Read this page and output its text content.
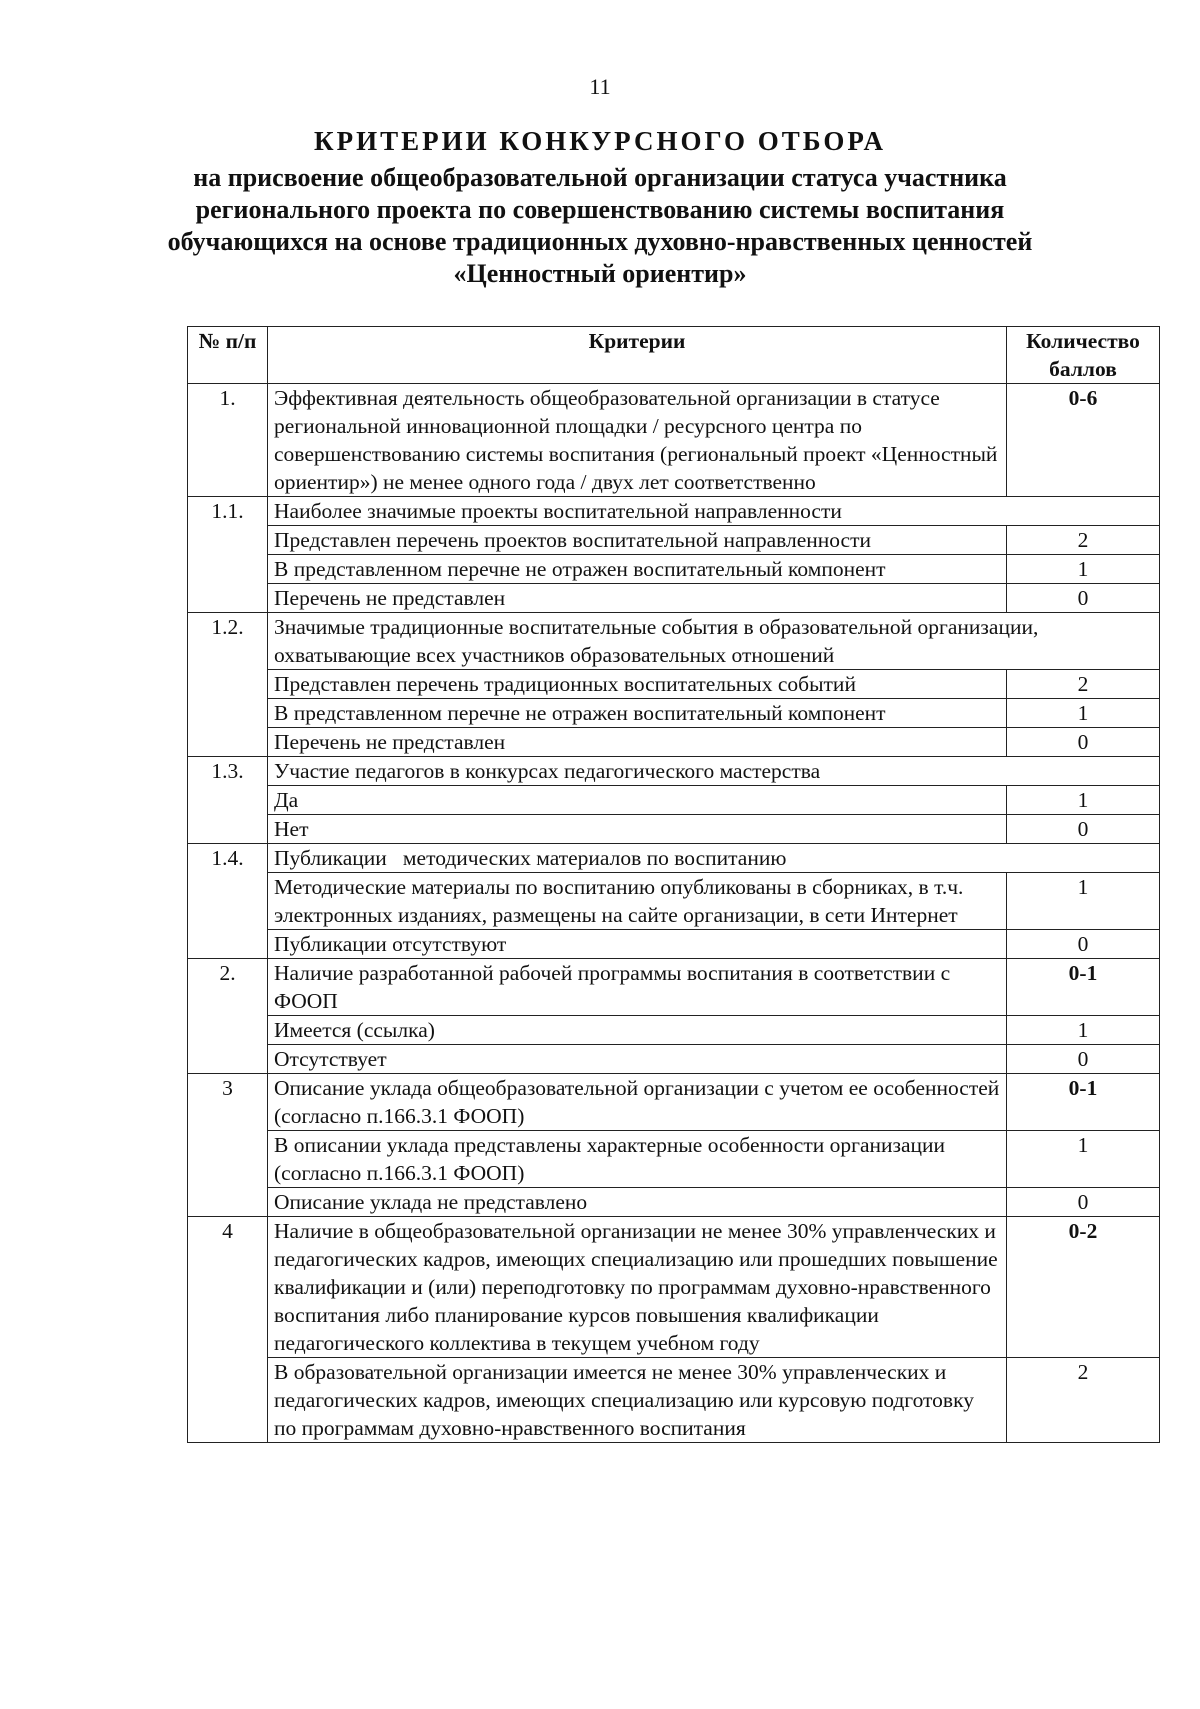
11
КРИТЕРИИ КОНКУРСНОГО ОТБОРА
на присвоение общеобразовательной организации статуса участника
регионального проекта по совершенствованию системы воспитания
обучающихся на основе традиционных духовно-нравственных ценностей
«Ценностный ориентир»
№ п/п	Критерии	Количество баллов
1.	Эффективная деятельность общеобразовательной организации в статусе региональной инновационной площадки / ресурсного центра по совершенствованию системы воспитания (региональный проект «Ценностный ориентир») не менее одного года / двух лет соответственно	0-6
1.1.	Наиболее значимые проекты воспитательной направленности	
	Представлен перечень проектов воспитательной направленности	2
	В представленном перечне не отражен воспитательный компонент	1
	Перечень не представлен	0
1.2.	Значимые традиционные воспитательные события в образовательной организации, охватывающие всех участников образовательных отношений	
	Представлен перечень традиционных воспитательных событий	2
	В представленном перечне не отражен воспитательный компонент	1
	Перечень не представлен	0
1.3.	Участие педагогов в конкурсах педагогического мастерства	
	Да	1
	Нет	0
1.4.	Публикации   методических материалов по воспитанию	
	Методические материалы по воспитанию опубликованы в сборниках, в т.ч. электронных изданиях, размещены на сайте организации, в сети Интернет	1
	Публикации отсутствуют	0
2.	Наличие разработанной рабочей программы воспитания в соответствии с ФООП	0-1
	Имеется (ссылка)	1
	Отсутствует	0
3	Описание уклада общеобразовательной организации с учетом ее особенностей (согласно п.166.3.1 ФООП)	0-1
	В описании уклада представлены характерные особенности организации (согласно п.166.3.1 ФООП)	1
	Описание уклада не представлено	0
4	Наличие в общеобразовательной организации не менее 30% управленческих и педагогических кадров, имеющих специализацию или прошедших повышение квалификации и (или) переподготовку по программам духовно-нравственного воспитания либо планирование курсов повышения квалификации педагогического коллектива в текущем учебном году	0-2
	В образовательной организации имеется не менее 30% управленческих и педагогических кадров, имеющих специализацию или курсовую подготовку по программам духовно-нравственного воспитания	2
